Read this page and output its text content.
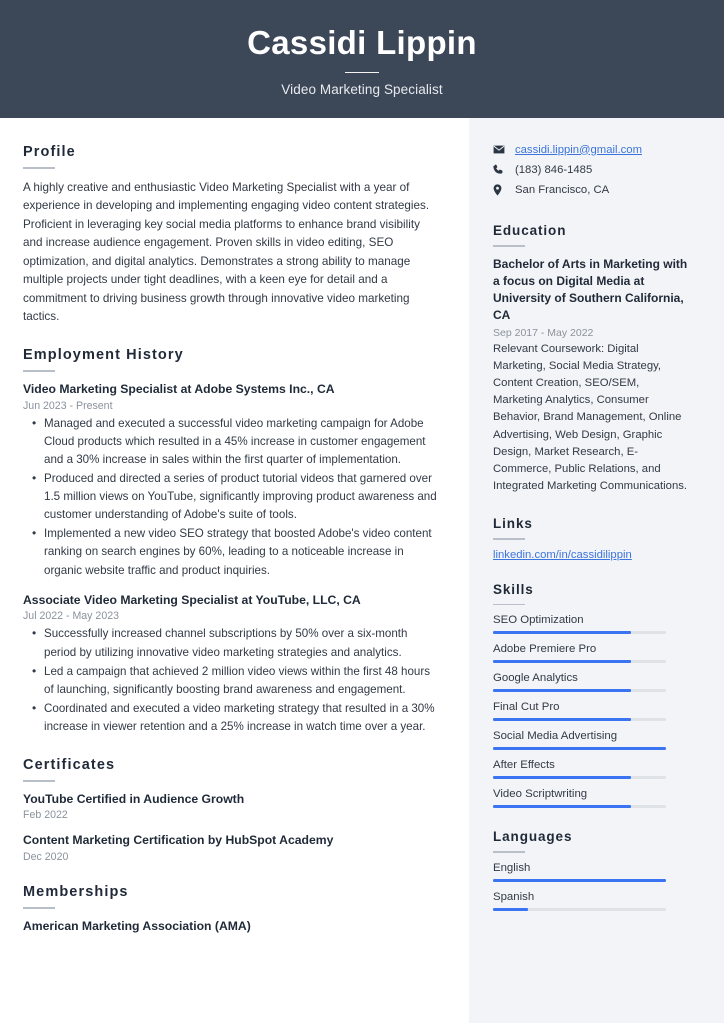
Cassidi Lippin
Video Marketing Specialist
Profile
A highly creative and enthusiastic Video Marketing Specialist with a year of experience in developing and implementing engaging video content strategies. Proficient in leveraging key social media platforms to enhance brand visibility and increase audience engagement. Proven skills in video editing, SEO optimization, and digital analytics. Demonstrates a strong ability to manage multiple projects under tight deadlines, with a keen eye for detail and a commitment to driving business growth through innovative video marketing tactics.
Employment History
Video Marketing Specialist at Adobe Systems Inc., CA
Jun 2023 - Present
• Managed and executed a successful video marketing campaign for Adobe Cloud products which resulted in a 45% increase in customer engagement and a 30% increase in sales within the first quarter of implementation.
• Produced and directed a series of product tutorial videos that garnered over 1.5 million views on YouTube, significantly improving product awareness and customer understanding of Adobe's suite of tools.
• Implemented a new video SEO strategy that boosted Adobe's video content ranking on search engines by 60%, leading to a noticeable increase in organic website traffic and product inquiries.
Associate Video Marketing Specialist at YouTube, LLC, CA
Jul 2022 - May 2023
• Successfully increased channel subscriptions by 50% over a six-month period by utilizing innovative video marketing strategies and analytics.
• Led a campaign that achieved 2 million video views within the first 48 hours of launching, significantly boosting brand awareness and engagement.
• Coordinated and executed a video marketing strategy that resulted in a 30% increase in viewer retention and a 25% increase in watch time over a year.
Certificates
YouTube Certified in Audience Growth
Feb 2022
Content Marketing Certification by HubSpot Academy
Dec 2020
Memberships
American Marketing Association (AMA)
cassidi.lippin@gmail.com
(183) 846-1485
San Francisco, CA
Education
Bachelor of Arts in Marketing with a focus on Digital Media at University of Southern California, CA
Sep 2017 - May 2022
Relevant Coursework: Digital Marketing, Social Media Strategy, Content Creation, SEO/SEM, Marketing Analytics, Consumer Behavior, Brand Management, Online Advertising, Web Design, Graphic Design, Market Research, E-Commerce, Public Relations, and Integrated Marketing Communications.
Links
linkedin.com/in/cassidilippin
Skills
SEO Optimization
Adobe Premiere Pro
Google Analytics
Final Cut Pro
Social Media Advertising
After Effects
Video Scriptwriting
Languages
English
Spanish
